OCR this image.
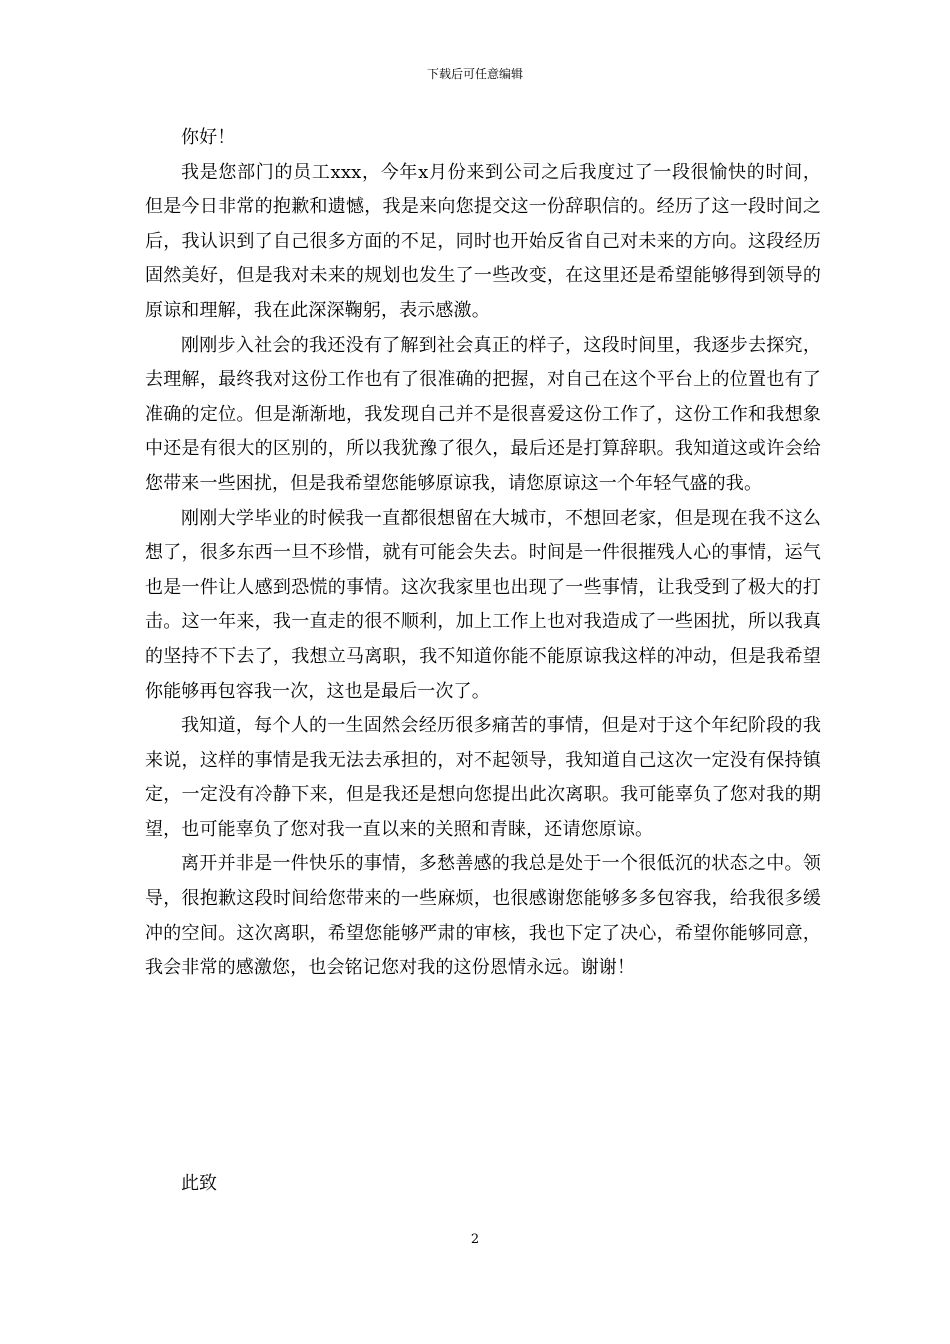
下载后可任意编辑

你好！

我是您部门的员工xxx，今年x月份来到公司之后我度过了一段很愉快的时间，但是今日非常的抱歉和遗憾，我是来向您提交这一份辞职信的。经历了这一段时间之后，我认识到了自己很多方面的不足，同时也开始反省自己对未来的方向。这段经历固然美好，但是我对未来的规划也发生了一些改变，在这里还是希望能够得到领导的原谅和理解，我在此深深鞠躬，表示感激。

刚刚步入社会的我还没有了解到社会真正的样子，这段时间里，我逐步去探究，去理解，最终我对这份工作也有了很准确的把握，对自己在这个平台上的位置也有了准确的定位。但是渐渐地，我发现自己并不是很喜爱这份工作了，这份工作和我想象中还是有很大的区别的，所以我犹豫了很久，最后还是打算辞职。我知道这或许会给您带来一些困扰，但是我希望您能够原谅我，请您原谅这一个年轻气盛的我。

刚刚大学毕业的时候我一直都很想留在大城市，不想回老家，但是现在我不这么想了，很多东西一旦不珍惜，就有可能会失去。时间是一件很摧残人心的事情，运气也是一件让人感到恐慌的事情。这次我家里也出现了一些事情，让我受到了极大的打击。这一年来，我一直走的很不顺利，加上工作上也对我造成了一些困扰，所以我真的坚持不下去了，我想立马离职，我不知道你能不能原谅我这样的冲动，但是我希望你能够再包容我一次，这也是最后一次了。

我知道，每个人的一生固然会经历很多痛苦的事情，但是对于这个年纪阶段的我来说，这样的事情是我无法去承担的，对不起领导，我知道自己这次一定没有保持镇定，一定没有冷静下来，但是我还是想向您提出此次离职。我可能辜负了您对我的期望，也可能辜负了您对我一直以来的关照和青睐，还请您原谅。

离开并非是一件快乐的事情，多愁善感的我总是处于一个很低沉的状态之中。领导，很抱歉这段时间给您带来的一些麻烦，也很感谢您能够多多包容我，给我很多缓冲的空间。这次离职，希望您能够严肃的审核，我也下定了决心，希望你能够同意，我会非常的感激您，也会铭记您对我的这份恩情永远。谢谢！

此致
2
